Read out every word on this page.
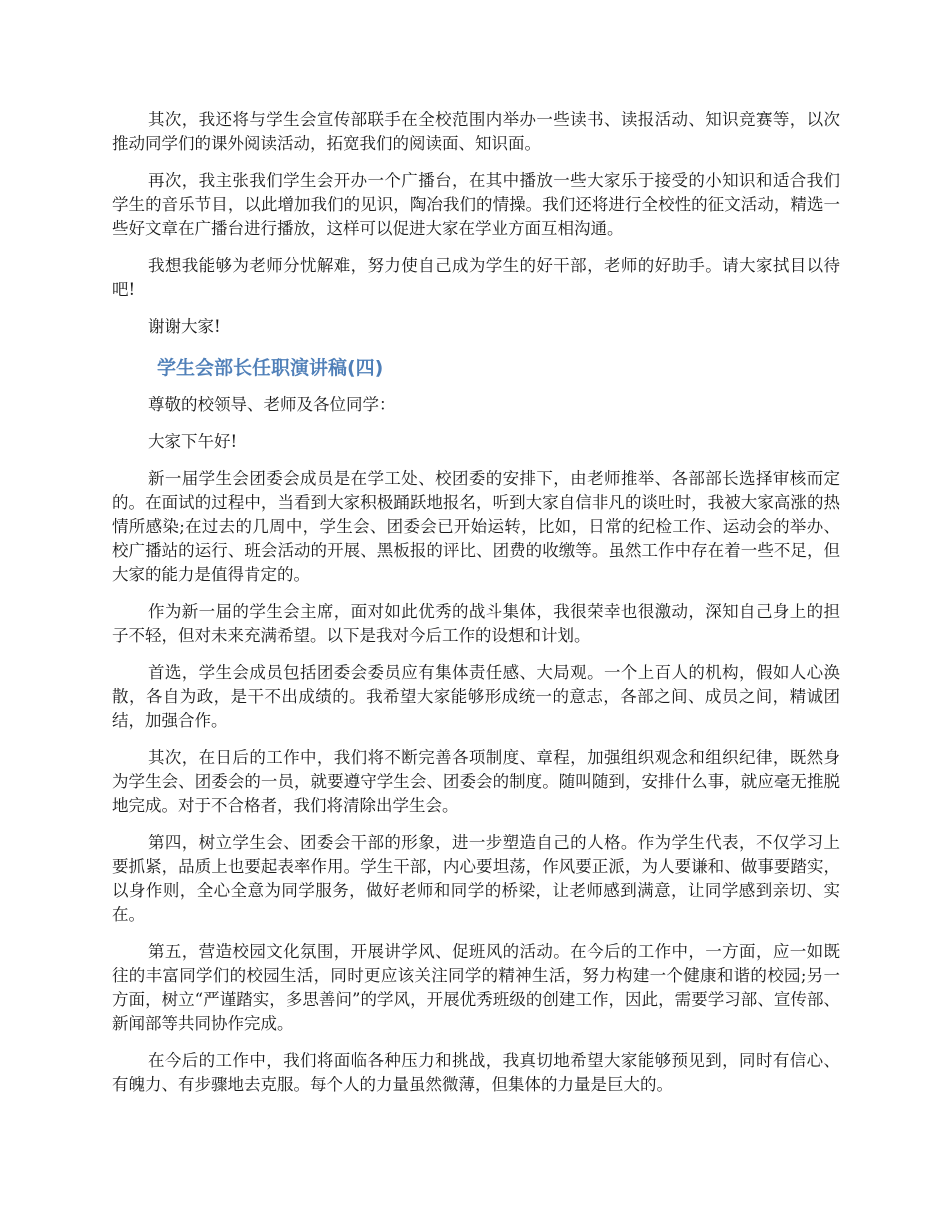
其次，我还将与学生会宣传部联手在全校范围内举办一些读书、读报活动、知识竞赛等，以次推动同学们的课外阅读活动，拓宽我们的阅读面、知识面。

再次，我主张我们学生会开办一个广播台，在其中播放一些大家乐于接受的小知识和适合我们学生的音乐节目，以此增加我们的见识，陶冶我们的情操。我们还将进行全校性的征文活动，精选一些好文章在广播台进行播放，这样可以促进大家在学业方面互相沟通。

我想我能够为老师分忧解难，努力使自己成为学生的好干部，老师的好助手。请大家拭目以待吧!

谢谢大家!

学生会部长任职演讲稿(四)

尊敬的校领导、老师及各位同学：

大家下午好!

新一届学生会团委会成员是在学工处、校团委的安排下，由老师推举、各部部长选择审核而定的。在面试的过程中，当看到大家积极踊跃地报名，听到大家自信非凡的谈吐时，我被大家高涨的热情所感染;在过去的几周中，学生会、团委会已开始运转，比如，日常的纪检工作、运动会的举办、校广播站的运行、班会活动的开展、黑板报的评比、团费的收缴等。虽然工作中存在着一些不足，但大家的能力是值得肯定的。

作为新一届的学生会主席，面对如此优秀的战斗集体，我很荣幸也很激动，深知自己身上的担子不轻，但对未来充满希望。以下是我对今后工作的设想和计划。

首选，学生会成员包括团委会委员应有集体责任感、大局观。一个上百人的机构，假如人心涣散，各自为政，是干不出成绩的。我希望大家能够形成统一的意志，各部之间、成员之间，精诚团结，加强合作。

其次，在日后的工作中，我们将不断完善各项制度、章程，加强组织观念和组织纪律，既然身为学生会、团委会的一员，就要遵守学生会、团委会的制度。随叫随到，安排什么事，就应毫无推脱地完成。对于不合格者，我们将清除出学生会。

第四，树立学生会、团委会干部的形象，进一步塑造自己的人格。作为学生代表，不仅学习上要抓紧，品质上也要起表率作用。学生干部，内心要坦荡，作风要正派，为人要谦和、做事要踏实，以身作则，全心全意为同学服务，做好老师和同学的桥梁，让老师感到满意，让同学感到亲切、实在。

第五，营造校园文化氛围，开展讲学风、促班风的活动。在今后的工作中，一方面，应一如既往的丰富同学们的校园生活，同时更应该关注同学的精神生活，努力构建一个健康和谐的校园;另一方面，树立“严谨踏实，多思善问”的学风，开展优秀班级的创建工作，因此，需要学习部、宣传部、新闻部等共同协作完成。

在今后的工作中，我们将面临各种压力和挑战，我真切地希望大家能够预见到，同时有信心、有魄力、有步骤地去克服。每个人的力量虽然微薄，但集体的力量是巨大的。
